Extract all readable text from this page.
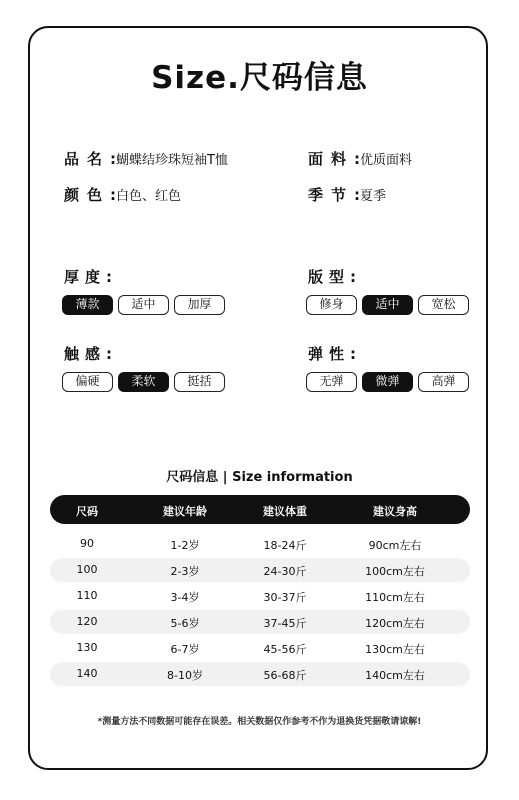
Size.尺码信息
品名:蝴蝶结珍珠短袖T恤	面料:优质面料
颜色:白色、红色	季节:夏季
厚度:
薄款	适中	加厚
版型:
修身	适中	宽松
触感:
偏硬	柔软	挺括
弹性:
无弹	微弹	高弹
尺码信息 | Size information
尺码	建议年龄	建议体重	建议身高
90	1-2岁	18-24斤	90cm左右
100	2-3岁	24-30斤	100cm左右
110	3-4岁	30-37斤	110cm左右
120	5-6岁	37-45斤	120cm左右
130	6-7岁	45-56斤	130cm左右
140	8-10岁	56-68斤	140cm左右
*测量方法不同数据可能存在误差。相关数据仅作参考不作为退换货凭据敬请谅解!
